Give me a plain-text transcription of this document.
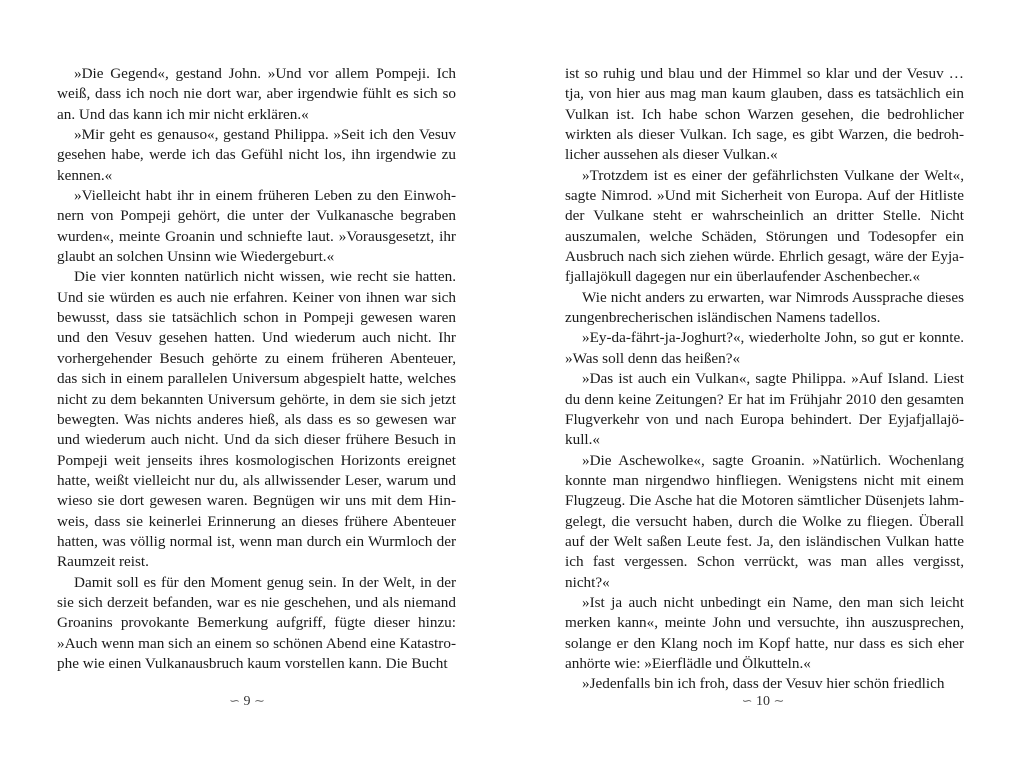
»Die Gegend«, gestand John. »Und vor allem Pompeji. Ich weiß, dass ich noch nie dort war, aber irgendwie fühlt es sich so an. Und das kann ich mir nicht erklären.«

»Mir geht es genauso«, gestand Philippa. »Seit ich den Vesuv gesehen habe, werde ich das Gefühl nicht los, ihn irgendwie zu kennen.«

»Vielleicht habt ihr in einem früheren Leben zu den Einwohnern von Pompeji gehört, die unter der Vulkanasche begraben wurden«, meinte Groanin und schniefte laut. »Vorausgesetzt, ihr glaubt an solchen Unsinn wie Wiedergeburt.«

Die vier konnten natürlich nicht wissen, wie recht sie hatten. Und sie würden es auch nie erfahren. Keiner von ihnen war sich bewusst, dass sie tatsächlich schon in Pompeji gewesen waren und den Vesuv gesehen hatten. Und wiederum auch nicht. Ihr vorhergehender Besuch gehörte zu einem früheren Abenteuer, das sich in einem parallelen Universum abgespielt hatte, welches nicht zu dem bekannten Universum gehörte, in dem sie sich jetzt bewegten. Was nichts anderes hieß, als dass es so gewesen war und wiederum auch nicht. Und da sich dieser frühere Besuch in Pompeji weit jenseits ihres kosmologischen Horizonts ereignet hatte, weißt vielleicht nur du, als allwissender Leser, warum und wieso sie dort gewesen waren. Begnügen wir uns mit dem Hinweis, dass sie keinerlei Erinnerung an dieses frühere Abenteuer hatten, was völlig normal ist, wenn man durch ein Wurmloch der Raumzeit reist.

Damit soll es für den Moment genug sein. In der Welt, in der sie sich derzeit befanden, war es nie geschehen, und als niemand Groanins provokante Bemerkung aufgriff, fügte dieser hinzu: »Auch wenn man sich an einem so schönen Abend eine Katastrophe wie einen Vulkanausbruch kaum vorstellen kann. Die Bucht

∽ 9 ∼

ist so ruhig und blau und der Himmel so klar und der Vesuv … tja, von hier aus mag man kaum glauben, dass es tatsächlich ein Vulkan ist. Ich habe schon Warzen gesehen, die bedrohlicher wirkten als dieser Vulkan. Ich sage, es gibt Warzen, die bedrohlicher aussehen als dieser Vulkan.«

»Trotzdem ist es einer der gefährlichsten Vulkane der Welt«, sagte Nimrod. »Und mit Sicherheit von Europa. Auf der Hitliste der Vulkane steht er wahrscheinlich an dritter Stelle. Nicht auszumalen, welche Schäden, Störungen und Todesopfer ein Ausbruch nach sich ziehen würde. Ehrlich gesagt, wäre der Eyjafjallajökull dagegen nur ein überlaufender Aschenbecher.«

Wie nicht anders zu erwarten, war Nimrods Aussprache dieses zungenbrecherischen isländischen Namens tadellos.

»Ey-da-fährt-ja-Joghurt?«, wiederholte John, so gut er konnte. »Was soll denn das heißen?«

»Das ist auch ein Vulkan«, sagte Philippa. »Auf Island. Liest du denn keine Zeitungen? Er hat im Frühjahr 2010 den gesamten Flugverkehr von und nach Europa behindert. Der Eyjafjallajökull.«

»Die Aschewolke«, sagte Groanin. »Natürlich. Wochenlang konnte man nirgendwo hinfliegen. Wenigstens nicht mit einem Flugzeug. Die Asche hat die Motoren sämtlicher Düsenjets lahmgelegt, die versucht haben, durch die Wolke zu fliegen. Überall auf der Welt saßen Leute fest. Ja, den isländischen Vulkan hatte ich fast vergessen. Schon verrückt, was man alles vergisst, nicht?«

»Ist ja auch nicht unbedingt ein Name, den man sich leicht merken kann«, meinte John und versuchte, ihn auszusprechen, solange er den Klang noch im Kopf hatte, nur dass es sich eher anhörte wie: »Eierflädle und Ölkutteln.«

»Jedenfalls bin ich froh, dass der Vesuv hier schön friedlich

∽ 10 ∼
